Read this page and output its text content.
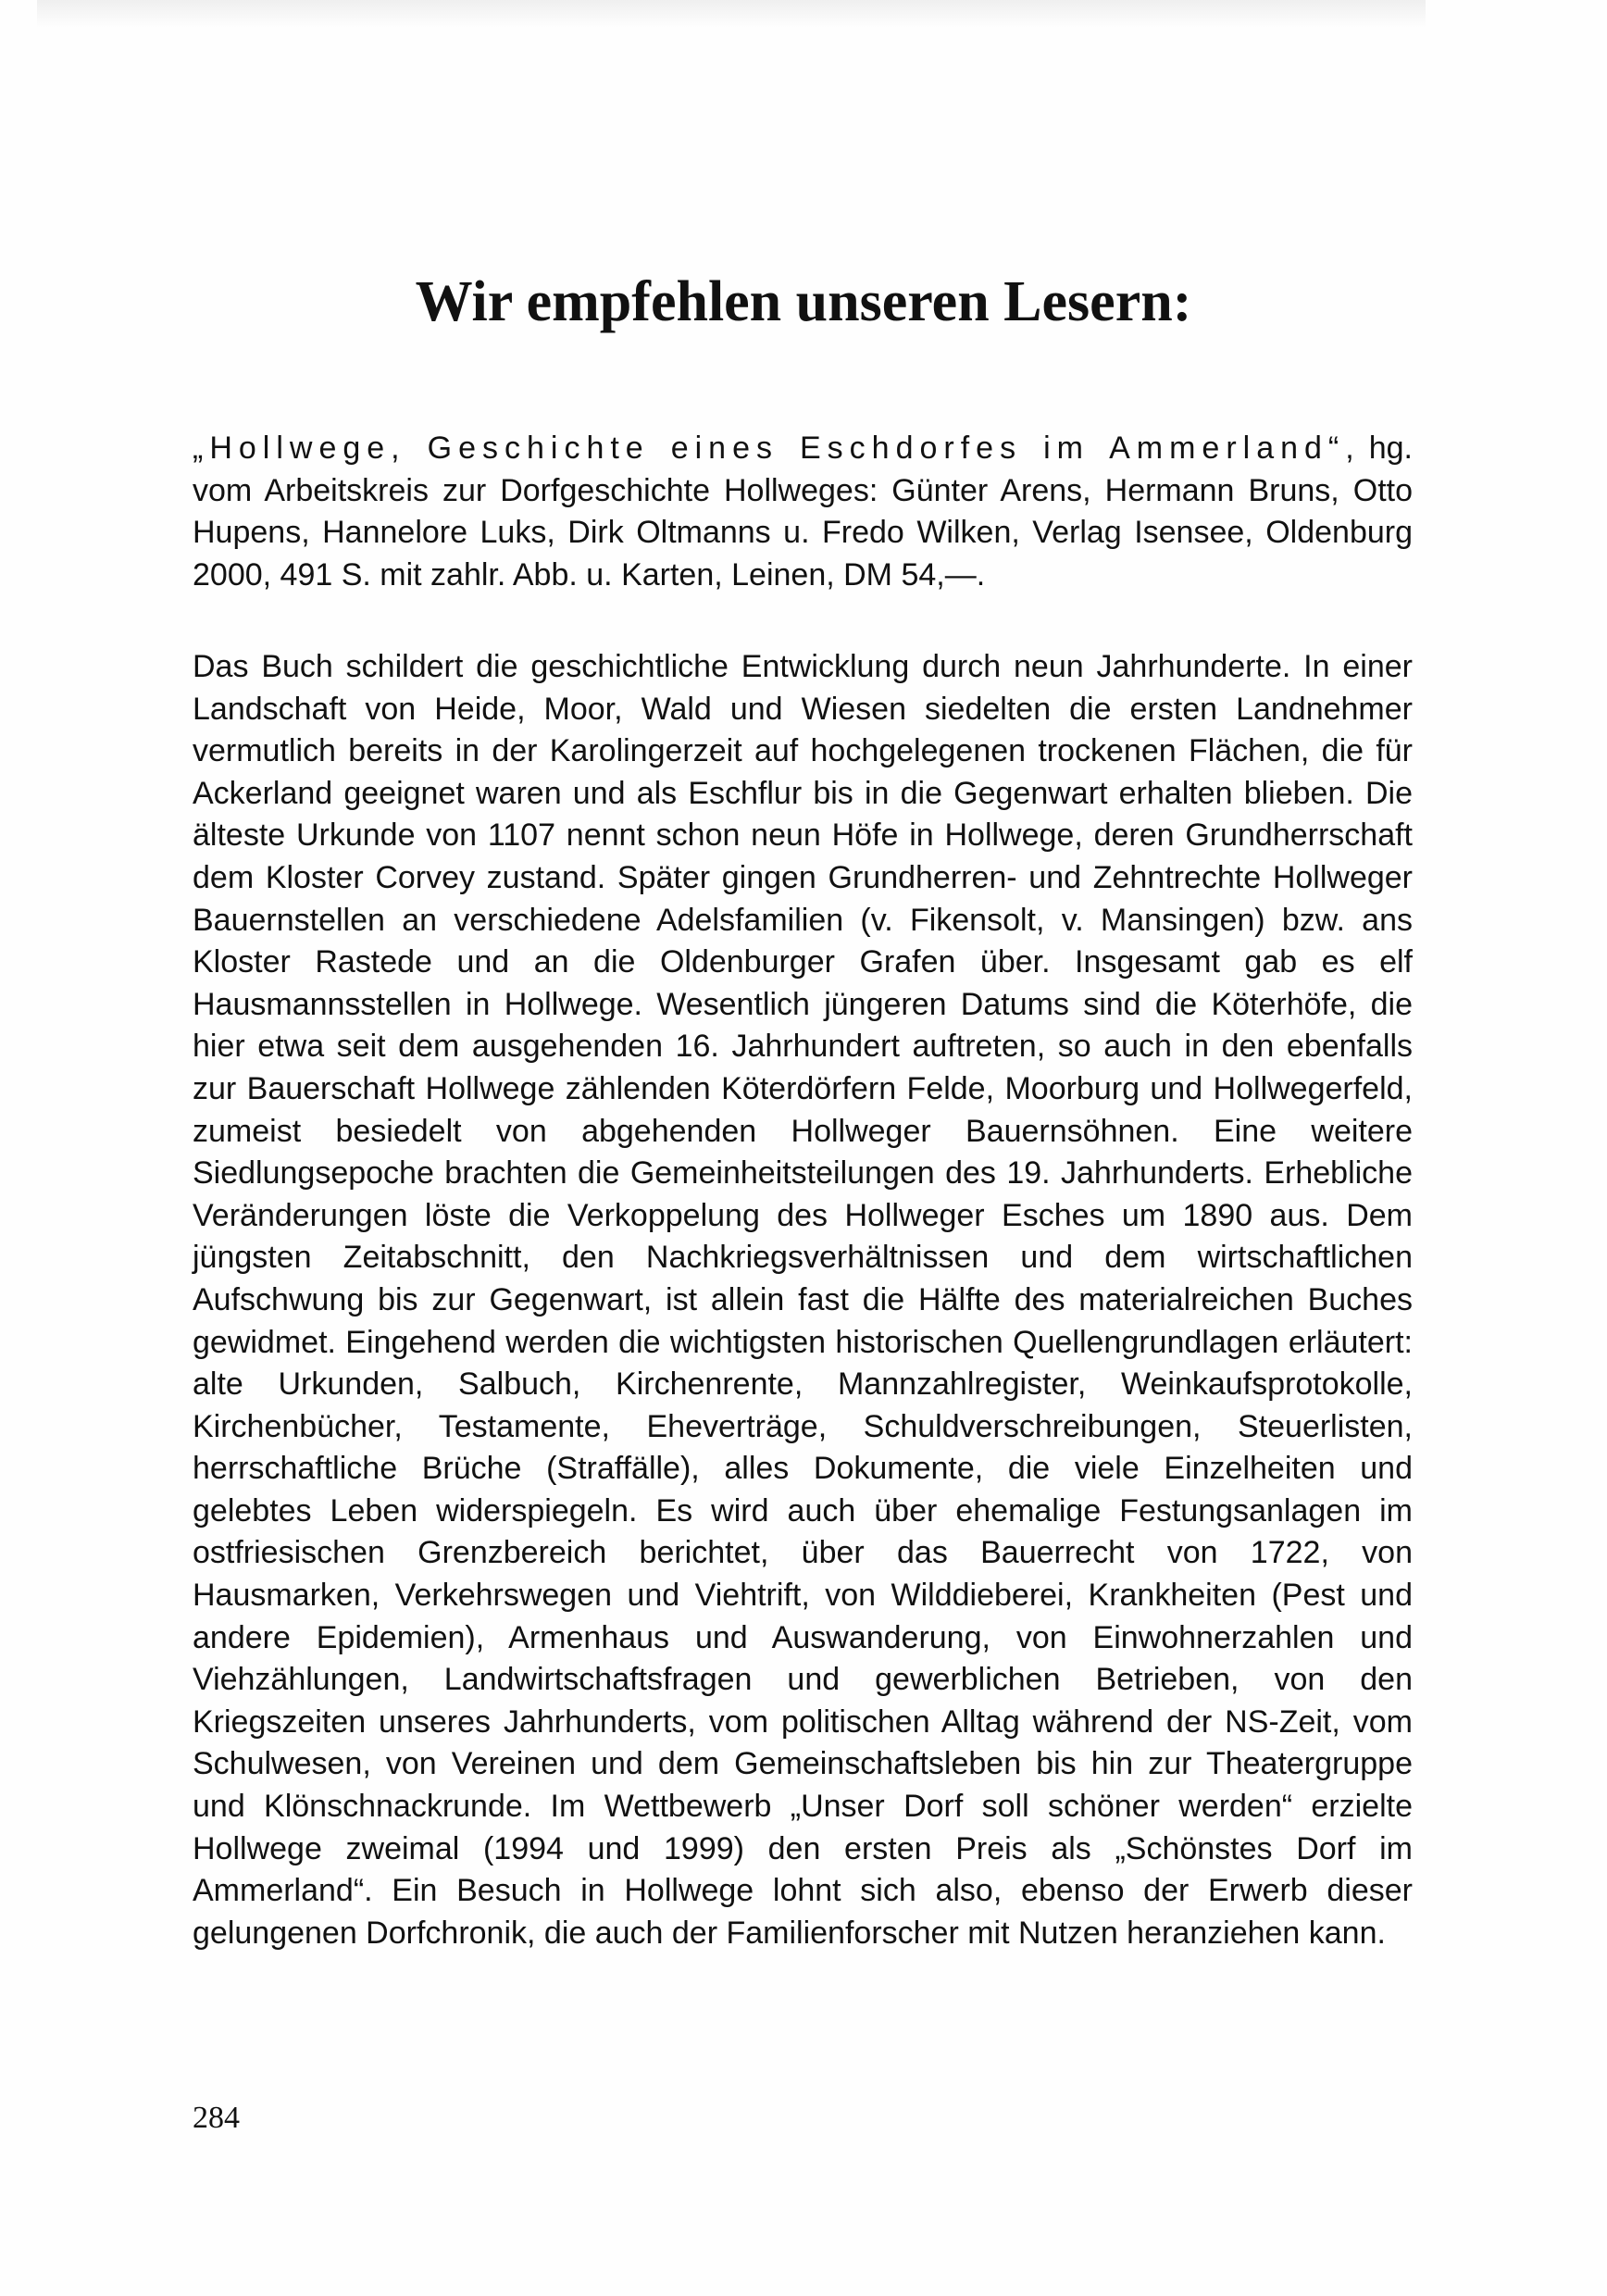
Wir empfehlen unseren Lesern:

„Hollwege, Geschichte eines Eschdorfes im Ammerland“, hg. vom Arbeitskreis zur Dorfgeschichte Hollweges: Günter Arens, Hermann Bruns, Otto Hupens, Hannelore Luks, Dirk Oltmanns u. Fredo Wilken, Verlag Isensee, Oldenburg 2000, 491 S. mit zahlr. Abb. u. Karten, Leinen, DM 54,—.

Das Buch schildert die geschichtliche Entwicklung durch neun Jahrhunderte. In einer Landschaft von Heide, Moor, Wald und Wiesen siedelten die ersten Landnehmer vermutlich bereits in der Karolingerzeit auf hochgelegenen trockenen Flächen, die für Ackerland geeignet waren und als Eschflur bis in die Gegenwart erhalten blieben. Die älteste Urkunde von 1107 nennt schon neun Höfe in Hollwege, deren Grundherrschaft dem Kloster Corvey zustand. Später gingen Grundherren- und Zehntrechte Hollweger Bauernstellen an verschiedene Adelsfamilien (v. Fikensolt, v. Mansingen) bzw. ans Kloster Rastede und an die Oldenburger Grafen über. Insgesamt gab es elf Hausmannsstellen in Hollwege. Wesentlich jüngeren Datums sind die Köterhöfe, die hier etwa seit dem ausgehenden 16. Jahrhundert auftreten, so auch in den ebenfalls zur Bauerschaft Hollwege zählenden Köterdörfern Felde, Moorburg und Hollwegerfeld, zumeist besiedelt von abgehenden Hollweger Bauernsöhnen. Eine weitere Siedlungsepoche brachten die Gemeinheitsteilungen des 19. Jahrhunderts. Erhebliche Veränderungen löste die Verkoppelung des Hollweger Esches um 1890 aus. Dem jüngsten Zeitabschnitt, den Nachkriegsverhältnissen und dem wirtschaftlichen Aufschwung bis zur Gegenwart, ist allein fast die Hälfte des materialreichen Buches gewidmet. Eingehend werden die wichtigsten historischen Quellengrundlagen erläutert: alte Urkunden, Salbuch, Kirchenrente, Mannzahlregister, Weinkaufsprotokolle, Kirchenbücher, Testamente, Eheverträge, Schuldverschreibungen, Steuerlisten, herrschaftliche Brüche (Straffälle), alles Dokumente, die viele Einzelheiten und gelebtes Leben widerspiegeln. Es wird auch über ehemalige Festungsanlagen im ostfriesischen Grenzbereich berichtet, über das Bauerrecht von 1722, von Hausmarken, Verkehrswegen und Viehtrift, von Wilddieberei, Krankheiten (Pest und andere Epidemien), Armenhaus und Auswanderung, von Einwohnerzahlen und Viehzählungen, Landwirtschaftsfragen und gewerblichen Betrieben, von den Kriegszeiten unseres Jahrhunderts, vom politischen Alltag während der NS-Zeit, vom Schulwesen, von Vereinen und dem Gemeinschaftsleben bis hin zur Theatergruppe und Klönschnackrunde. Im Wettbewerb „Unser Dorf soll schöner werden“ erzielte Hollwege zweimal (1994 und 1999) den ersten Preis als „Schönstes Dorf im Ammerland“. Ein Besuch in Hollwege lohnt sich also, ebenso der Erwerb dieser gelungenen Dorfchronik, die auch der Familienforscher mit Nutzen heranziehen kann.

284
